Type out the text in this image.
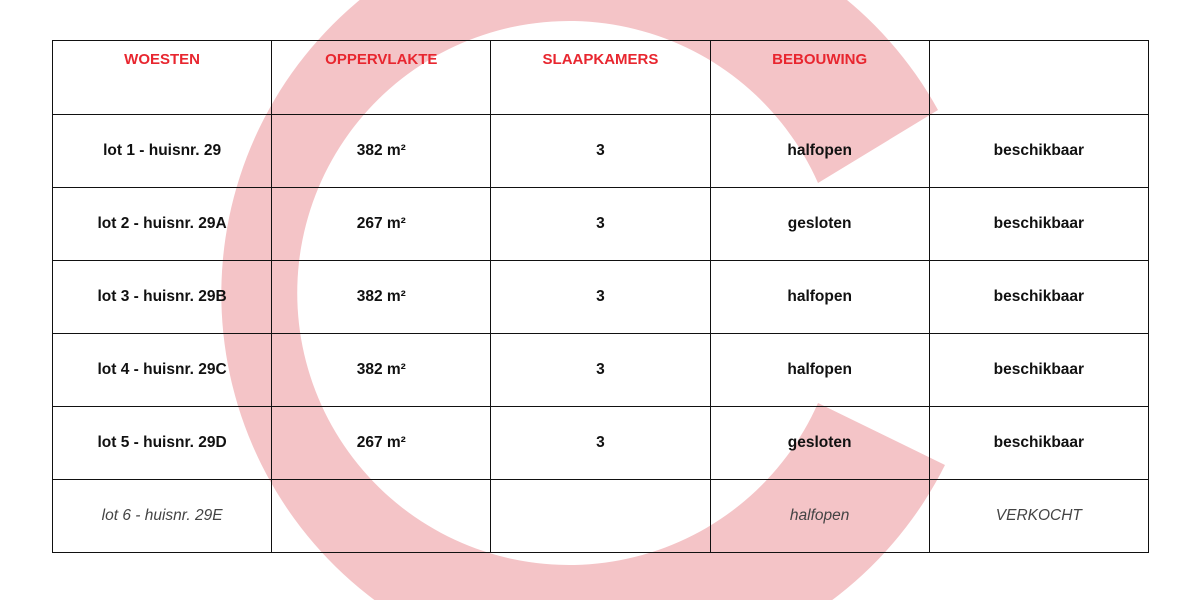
WOESTEN	OPPERVLAKTE	SLAAPKAMERS	BEBOUWING	
lot 1 - huisnr. 29	382 m²	3	halfopen	beschikbaar
lot 2 - huisnr. 29A	267 m²	3	gesloten	beschikbaar
lot 3 - huisnr. 29B	382 m²	3	halfopen	beschikbaar
lot 4 - huisnr. 29C	382 m²	3	halfopen	beschikbaar
lot 5 - huisnr. 29D	267 m²	3	gesloten	beschikbaar
lot 6 - huisnr. 29E			halfopen	VERKOCHT
